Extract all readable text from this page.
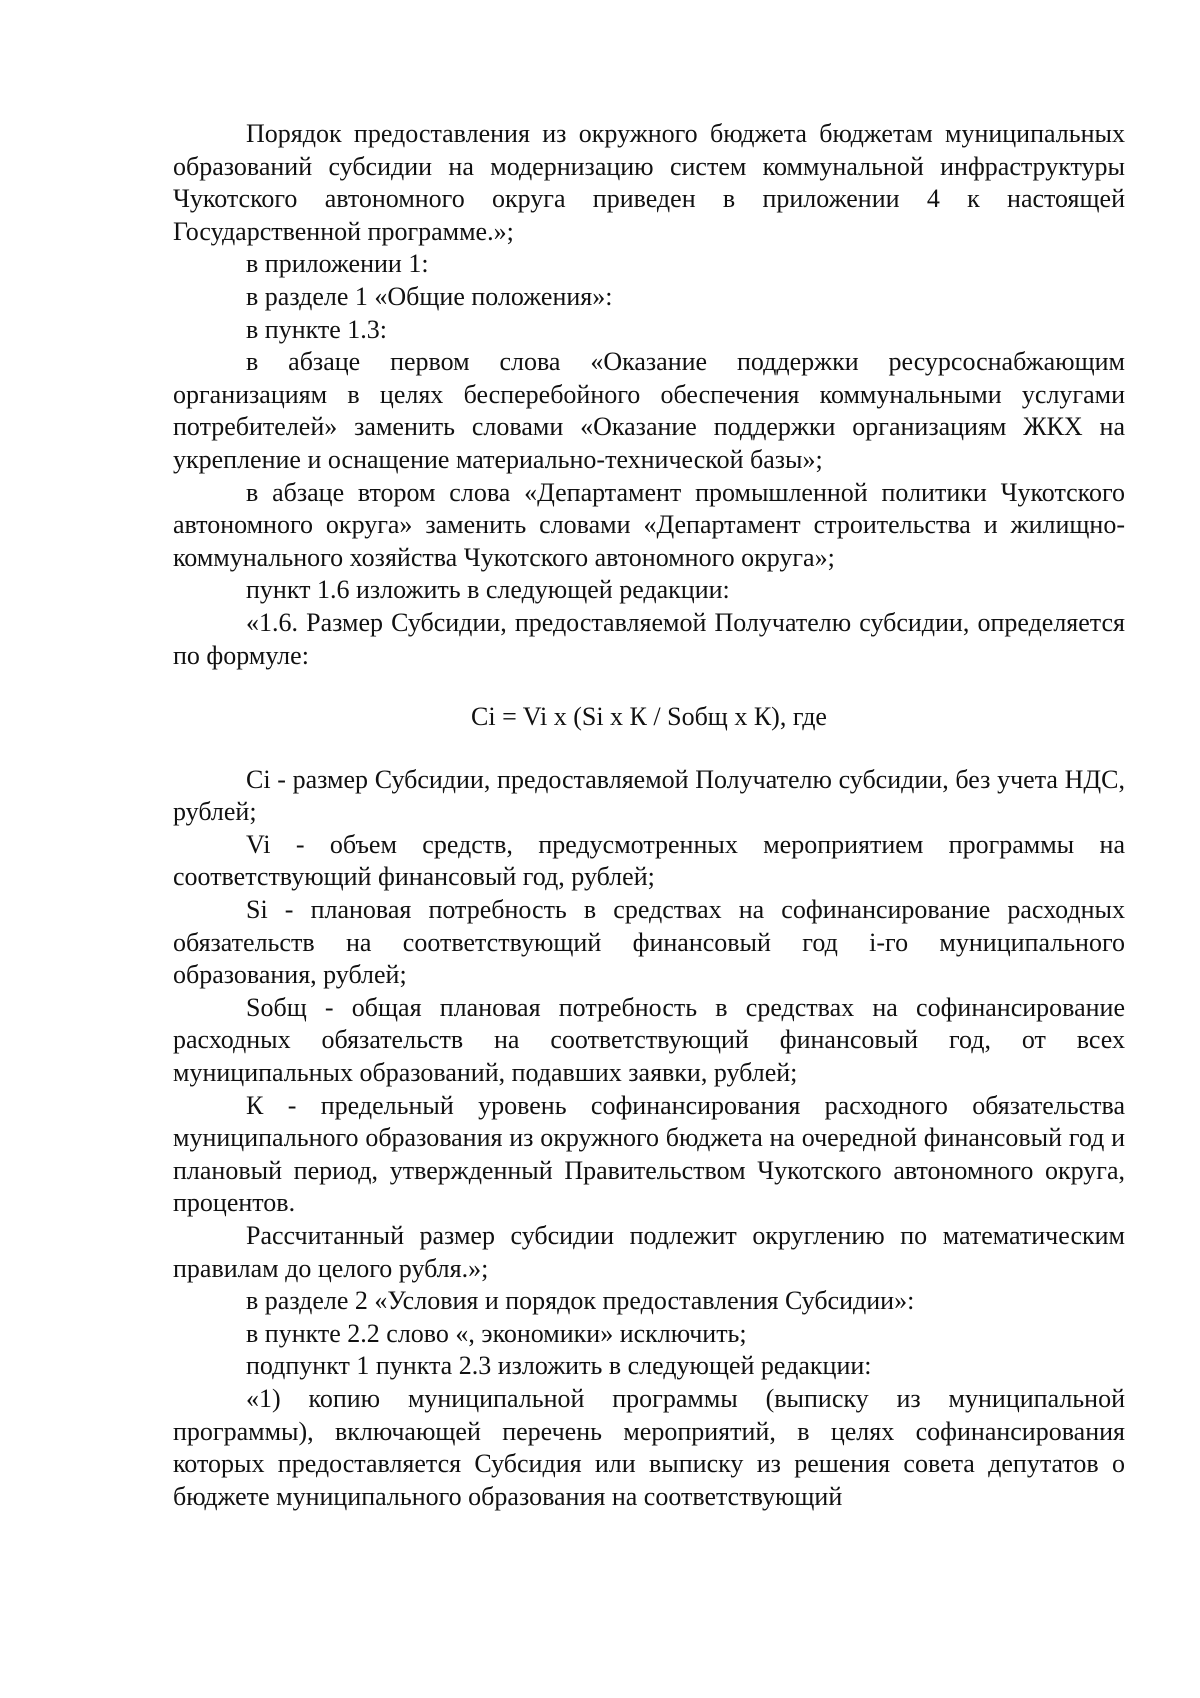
Порядок предоставления из окружного бюджета бюджетам муниципальных образований субсидии на модернизацию систем коммунальной инфраструктуры Чукотского автономного округа приведен в приложении 4 к настоящей Государственной программе.»;

в приложении 1:

в разделе 1 «Общие положения»:

в пункте 1.3:

в абзаце первом слова «Оказание поддержки ресурсоснабжающим организациям в целях бесперебойного обеспечения коммунальными услугами потребителей» заменить словами «Оказание поддержки организациям ЖКХ на укрепление и оснащение материально-технической базы»;

в абзаце втором слова «Департамент промышленной политики Чукотского автономного округа» заменить словами «Департамент строительства и жилищно-коммунального хозяйства Чукотского автономного округа»;

пункт 1.6 изложить в следующей редакции:

«1.6. Размер Субсидии, предоставляемой Получателю субсидии, определяется по формуле:

Ci = Vi x (Si x К / Sобщ x К), где

Ci - размер Субсидии, предоставляемой Получателю субсидии, без учета НДС, рублей;

Vi - объем средств, предусмотренных мероприятием программы на соответствующий финансовый год, рублей;

Si - плановая потребность в средствах на софинансирование расходных обязательств на соответствующий финансовый год i-го муниципального образования, рублей;

Sобщ - общая плановая потребность в средствах на софинансирование расходных обязательств на соответствующий финансовый год, от всех муниципальных образований, подавших заявки, рублей;

К - предельный уровень софинансирования расходного обязательства муниципального образования из окружного бюджета на очередной финансовый год и плановый период, утвержденный Правительством Чукотского автономного округа, процентов.

Рассчитанный размер субсидии подлежит округлению по математическим правилам до целого рубля.»;

в разделе 2 «Условия и порядок предоставления Субсидии»:

в пункте 2.2 слово «, экономики» исключить;

подпункт 1 пункта 2.3 изложить в следующей редакции:

«1) копию муниципальной программы (выписку из муниципальной программы), включающей перечень мероприятий, в целях софинансирования которых предоставляется Субсидия или выписку из решения совета депутатов о бюджете муниципального образования на соответствующий
